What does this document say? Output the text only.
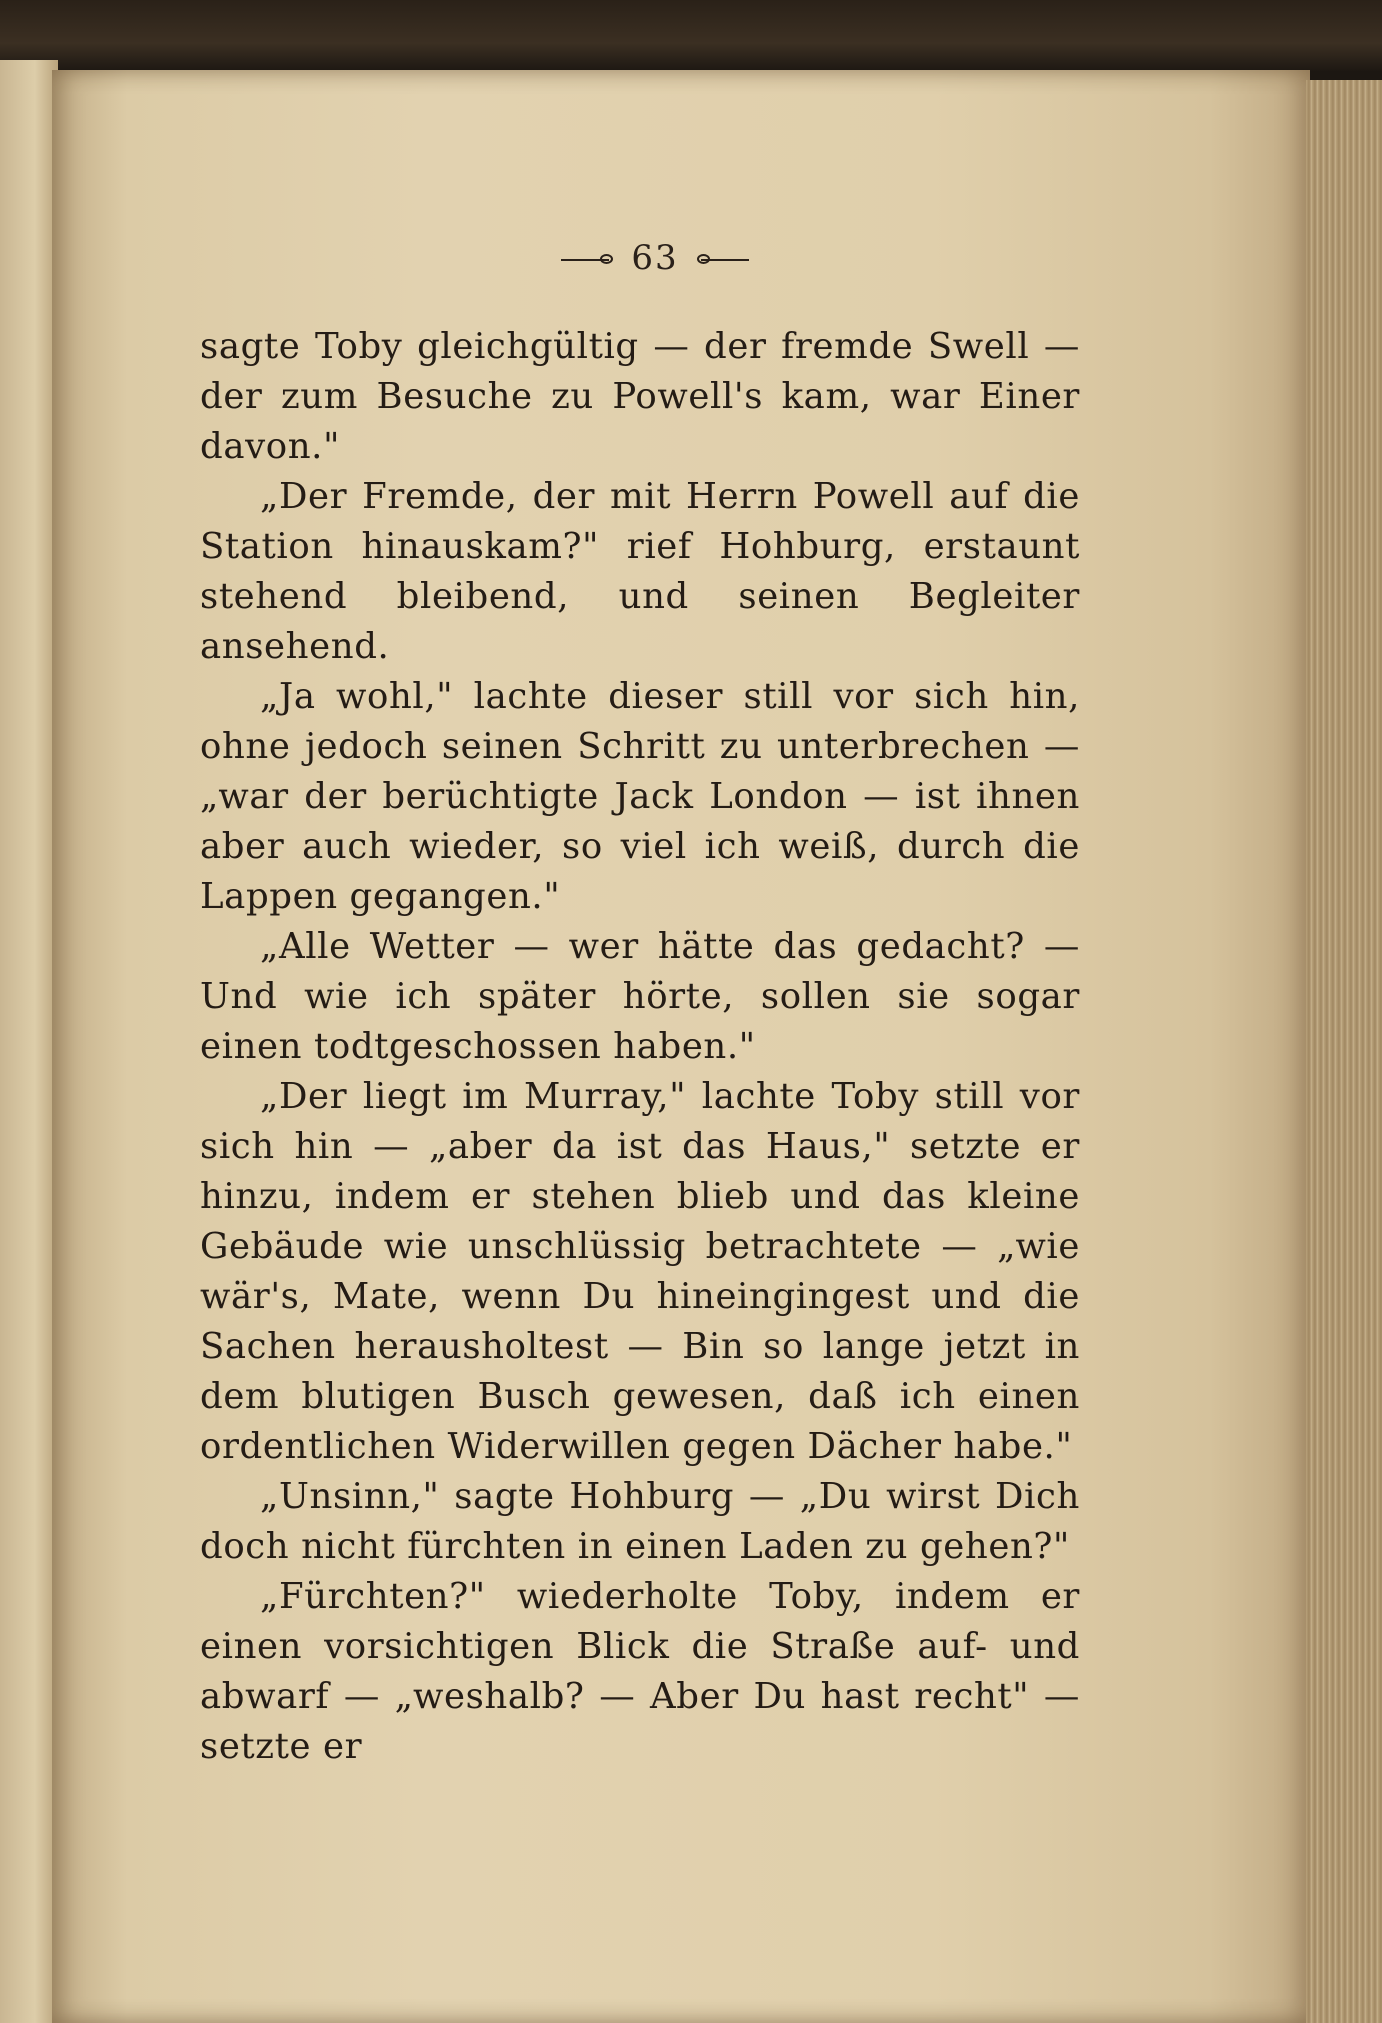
63

sagte Toby gleichgültig — der fremde Swell — der zum Besuche zu Powell's kam, war Einer davon."

„Der Fremde, der mit Herrn Powell auf die Station hinauskam?" rief Hohburg, erstaunt stehend bleibend, und seinen Begleiter ansehend.

„Ja wohl," lachte dieser still vor sich hin, ohne jedoch seinen Schritt zu unterbrechen — „war der berüchtigte Jack London — ist ihnen aber auch wieder, so viel ich weiß, durch die Lappen gegangen."

„Alle Wetter — wer hätte das gedacht? — Und wie ich später hörte, sollen sie sogar einen todtgeschossen haben."

„Der liegt im Murray," lachte Toby still vor sich hin — „aber da ist das Haus," setzte er hinzu, indem er stehen blieb und das kleine Gebäude wie unschlüssig betrachtete — „wie wär's, Mate, wenn Du hineingingest und die Sachen herausholtest — Bin so lange jetzt in dem blutigen Busch gewesen, daß ich einen ordentlichen Widerwillen gegen Dächer habe."

„Unsinn," sagte Hohburg — „Du wirst Dich doch nicht fürchten in einen Laden zu gehen?"

„Fürchten?" wiederholte Toby, indem er einen vorsichtigen Blick die Straße auf- und abwarf — „weshalb? — Aber Du hast recht" — setzte er
